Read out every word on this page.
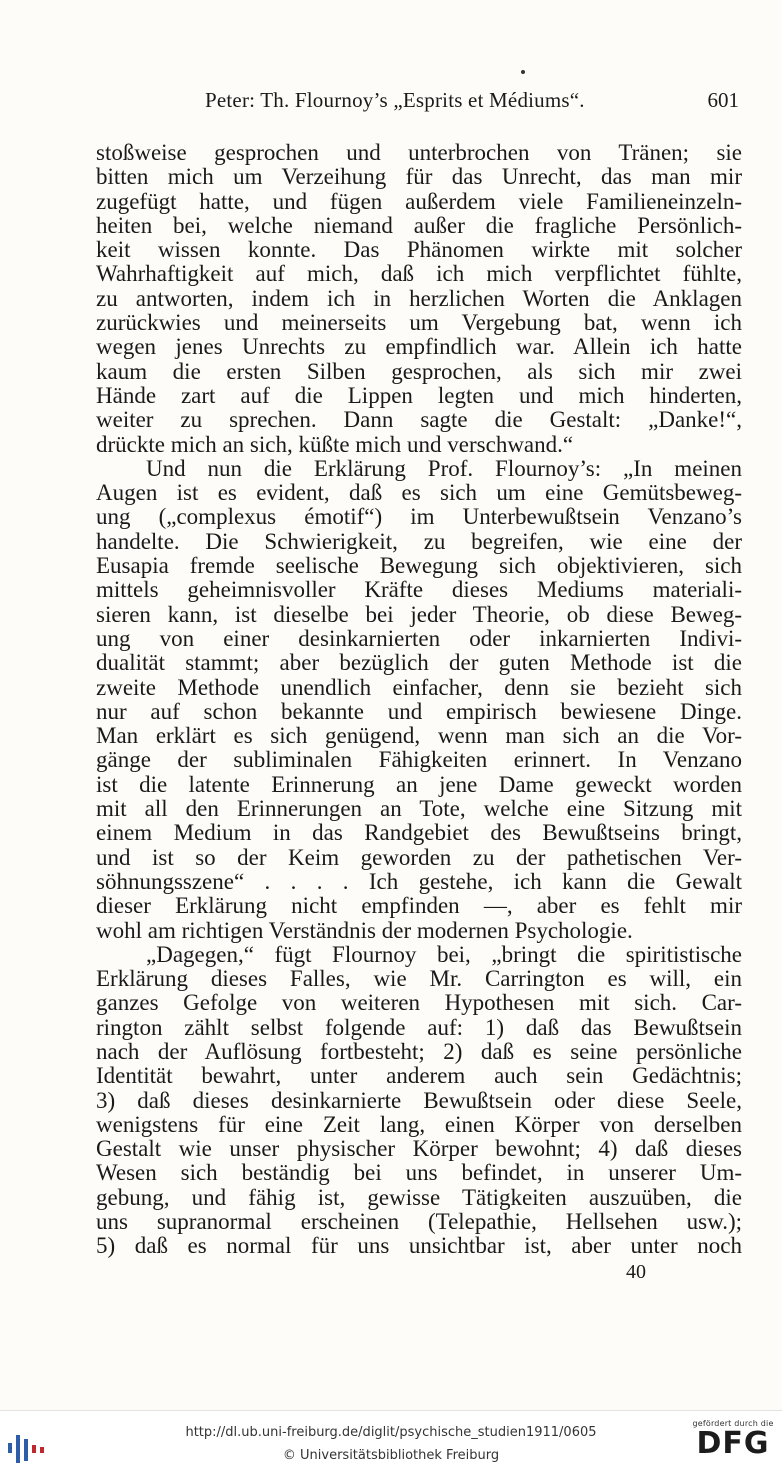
Peter: Th. Flournoy’s „Esprits et Médiums“.	601
stoßweise gesprochen und unterbrochen von Tränen; sie
bitten mich um Verzeihung für das Unrecht, das man mir
zugefügt hatte, und fügen außerdem viele Familieneinzeln-
heiten bei, welche niemand außer die fragliche Persönlich-
keit wissen konnte. Das Phänomen wirkte mit solcher
Wahrhaftigkeit auf mich, daß ich mich verpflichtet fühlte,
zu antworten, indem ich in herzlichen Worten die Anklagen
zurückwies und meinerseits um Vergebung bat, wenn ich
wegen jenes Unrechts zu empfindlich war. Allein ich hatte
kaum die ersten Silben gesprochen, als sich mir zwei
Hände zart auf die Lippen legten und mich hinderten,
weiter zu sprechen. Dann sagte die Gestalt: „Danke!“,
drückte mich an sich, küßte mich und verschwand.“
Und nun die Erklärung Prof. Flournoy’s: „In meinen
Augen ist es evident, daß es sich um eine Gemütsbeweg-
ung („complexus émotif“) im Unterbewußtsein Venzano’s
handelte. Die Schwierigkeit, zu begreifen, wie eine der
Eusapia fremde seelische Bewegung sich objektivieren, sich
mittels geheimnisvoller Kräfte dieses Mediums materiali-
sieren kann, ist dieselbe bei jeder Theorie, ob diese Beweg-
ung von einer desinkarnierten oder inkarnierten Indivi-
dualität stammt; aber bezüglich der guten Methode ist die
zweite Methode unendlich einfacher, denn sie bezieht sich
nur auf schon bekannte und empirisch bewiesene Dinge.
Man erklärt es sich genügend, wenn man sich an die Vor-
gänge der subliminalen Fähigkeiten erinnert. In Venzano
ist die latente Erinnerung an jene Dame geweckt worden
mit all den Erinnerungen an Tote, welche eine Sitzung mit
einem Medium in das Randgebiet des Bewußtseins bringt,
und ist so der Keim geworden zu der pathetischen Ver-
söhnungsszene“ . . . . Ich gestehe, ich kann die Gewalt
dieser Erklärung nicht empfinden —, aber es fehlt mir
wohl am richtigen Verständnis der modernen Psychologie.
„Dagegen,“ fügt Flournoy bei, „bringt die spiritistische
Erklärung dieses Falles, wie Mr. Carrington es will, ein
ganzes Gefolge von weiteren Hypothesen mit sich. Car-
rington zählt selbst folgende auf: 1) daß das Bewußtsein
nach der Auflösung fortbesteht; 2) daß es seine persönliche
Identität bewahrt, unter anderem auch sein Gedächtnis;
3) daß dieses desinkarnierte Bewußtsein oder diese Seele,
wenigstens für eine Zeit lang, einen Körper von derselben
Gestalt wie unser physischer Körper bewohnt; 4) daß dieses
Wesen sich beständig bei uns befindet, in unserer Um-
gebung, und fähig ist, gewisse Tätigkeiten auszuüben, die
uns supranormal erscheinen (Telepathie, Hellsehen usw.);
5) daß es normal für uns unsichtbar ist, aber unter noch
40
http://dl.ub.uni-freiburg.de/diglit/psychische_studien1911/0605
© Universitätsbibliothek Freiburg
gefördert durch die
DFG
